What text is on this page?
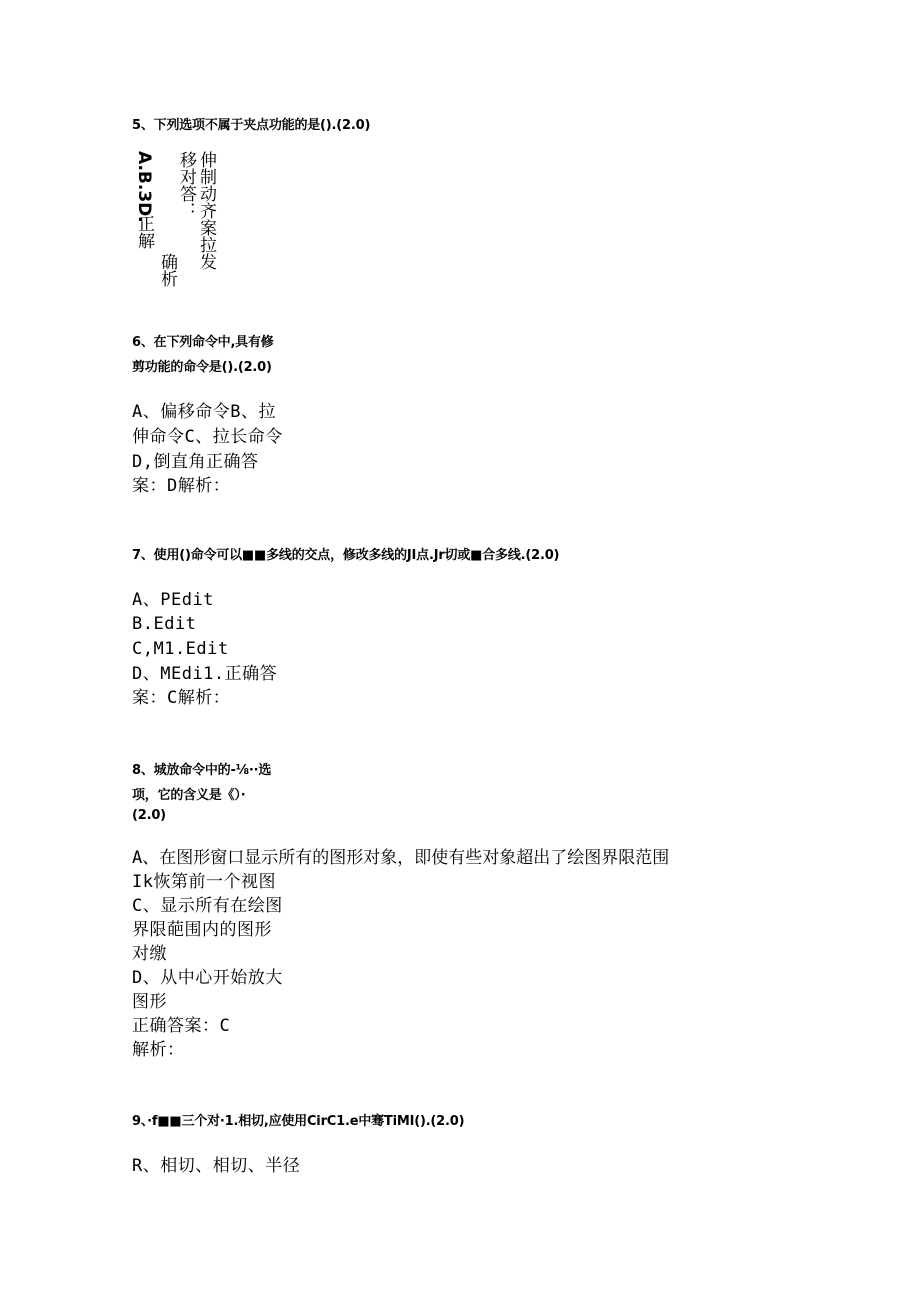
5、下列选项不属于夹点功能的是().(2.0)
A.B.3D.
正解
确析
移对答： 伸制动齐案拉发
6、在下列命令中,具有修
剪功能的命令是().(2.0)
A、偏移命令B、拉
伸命令C、拉长命令
D,倒直角正确答
案：D解析：
7、使用()命令可以■■多线的交点，修改多线的JI点.Jr切或■合多线.(2.0)
A、PEdit
B.Edit
C,M1.Edit
D、MEdi1.正确答
案：C解析：
8、城放命令中的-⅛··选
项，它的含义是《）·
(2.0)
A、在图形窗口显示所有的图形对象，即使有些对象超出了绘图界限范围
Ik恢第前一个视图
C、显示所有在绘图
界限葩围内的图形
对缴
D、从中心开始放大
图形
正确答案：C
解析：
9、·f■■三个对·1.相切,应使用CirC1.e中骞TiMI().(2.0)
R、相切、相切、半径
